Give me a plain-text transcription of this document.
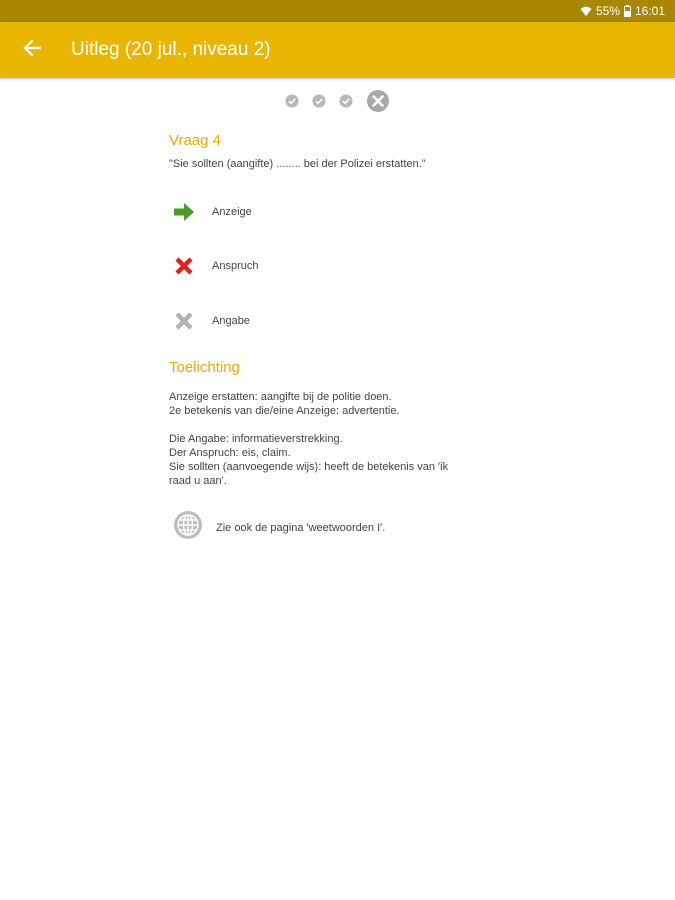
55% 16:01
Uitleg (20 jul., niveau 2)
Vraag 4
"Sie sollten (aangifte) ........ bei der Polizei erstatten."
Anzeige
Anspruch
Angabe
Toelichting
Anzeige erstatten: aangifte bij de politie doen.
2e betekenis van die/eine Anzeige: advertentie.
Die Angabe: informatieverstrekking.
Der Anspruch: eis, claim.
Sie sollten (aanvoegende wijs): heeft de betekenis van 'ik
raad u aan'.
Zie ook de pagina 'weetwoorden I'.
